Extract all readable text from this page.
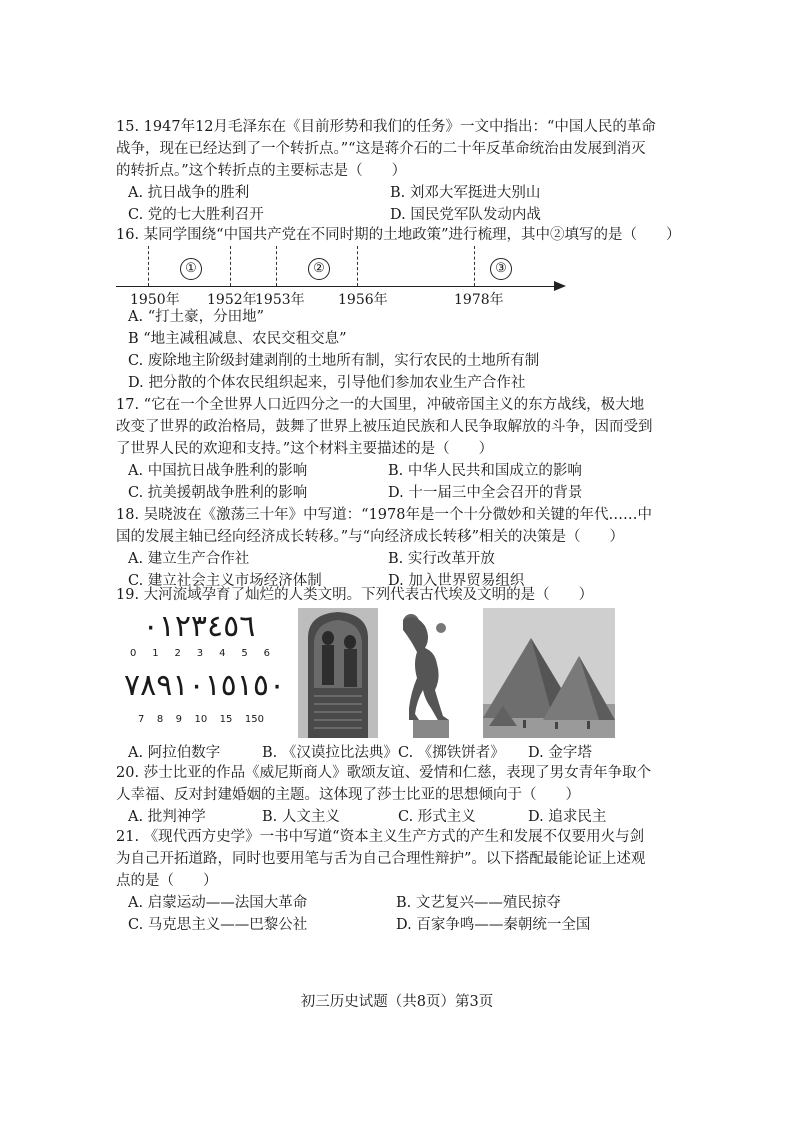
15. 1947年12月毛泽东在《目前形势和我们的任务》一文中指出：“中国人民的革命
战争，现在已经达到了一个转折点。”“这是蒋介石的二十年反革命统治由发展到消灭
的转折点。”这个转折点的主要标志是（　　）
A. 抗日战争的胜利	B. 刘邓大军挺进大别山
C. 党的七大胜利召开	D. 国民党军队发动内战
16. 某同学围绕“中国共产党在不同时期的土地政策”进行梳理，其中②填写的是（　　）
①	②	③
1950年 1952年
1953年 1956年	1978年
A. “打土豪，分田地”
B “地主减租减息、农民交租交息”
C. 废除地主阶级封建剥削的土地所有制，实行农民的土地所有制
D. 把分散的个体农民组织起来，引导他们参加农业生产合作社
17. “它在一个全世界人口近四分之一的大国里，冲破帝国主义的东方战线，极大地
改变了世界的政治格局，鼓舞了世界上被压迫民族和人民争取解放的斗争，因而受到
了世界人民的欢迎和支持。”这个材料主要描述的是（　　）
A. 中国抗日战争胜利的影响	B. 中华人民共和国成立的影响
C. 抗美援朝战争胜利的影响	D. 十一届三中全会召开的背景
18. 吴晓波在《激荡三十年》中写道：“1978年是一个十分微妙和关键的年代……中
国的发展主轴已经向经济成长转移。”与“向经济成长转移”相关的决策是（　　）
A. 建立生产合作社	B. 实行改革开放
C. 建立社会主义市场经济体制	D. 加入世界贸易组织
19. 大河流域孕育了灿烂的人类文明。下列代表古代埃及文明的是（　　）
٠١٢٣٤٥٦
0 1 2 3 4 5 6
٧٨٩١٠١٥١٥٠
7 8 9 10 15 150
A. 阿拉伯数字	B. 《汉谟拉比法典》 C. 《掷铁饼者》 D. 金字塔
20. 莎士比亚的作品《威尼斯商人》歌颂友谊、爱情和仁慈，表现了男女青年争取个
人幸福、反对封建婚姻的主题。这体现了莎士比亚的思想倾向于（　　）
A. 批判神学	B. 人文主义	C. 形式主义	D. 追求民主
21. 《现代西方史学》一书中写道“资本主义生产方式的产生和发展不仅要用火与剑
为自己开拓道路，同时也要用笔与舌为自己合理性辩护”。以下搭配最能论证上述观
点的是（　　）
A. 启蒙运动——法国大革命	B. 文艺复兴——殖民掠夺
C. 马克思主义——巴黎公社	D. 百家争鸣——秦朝统一全国
初三历史试题（共8页）第3页
